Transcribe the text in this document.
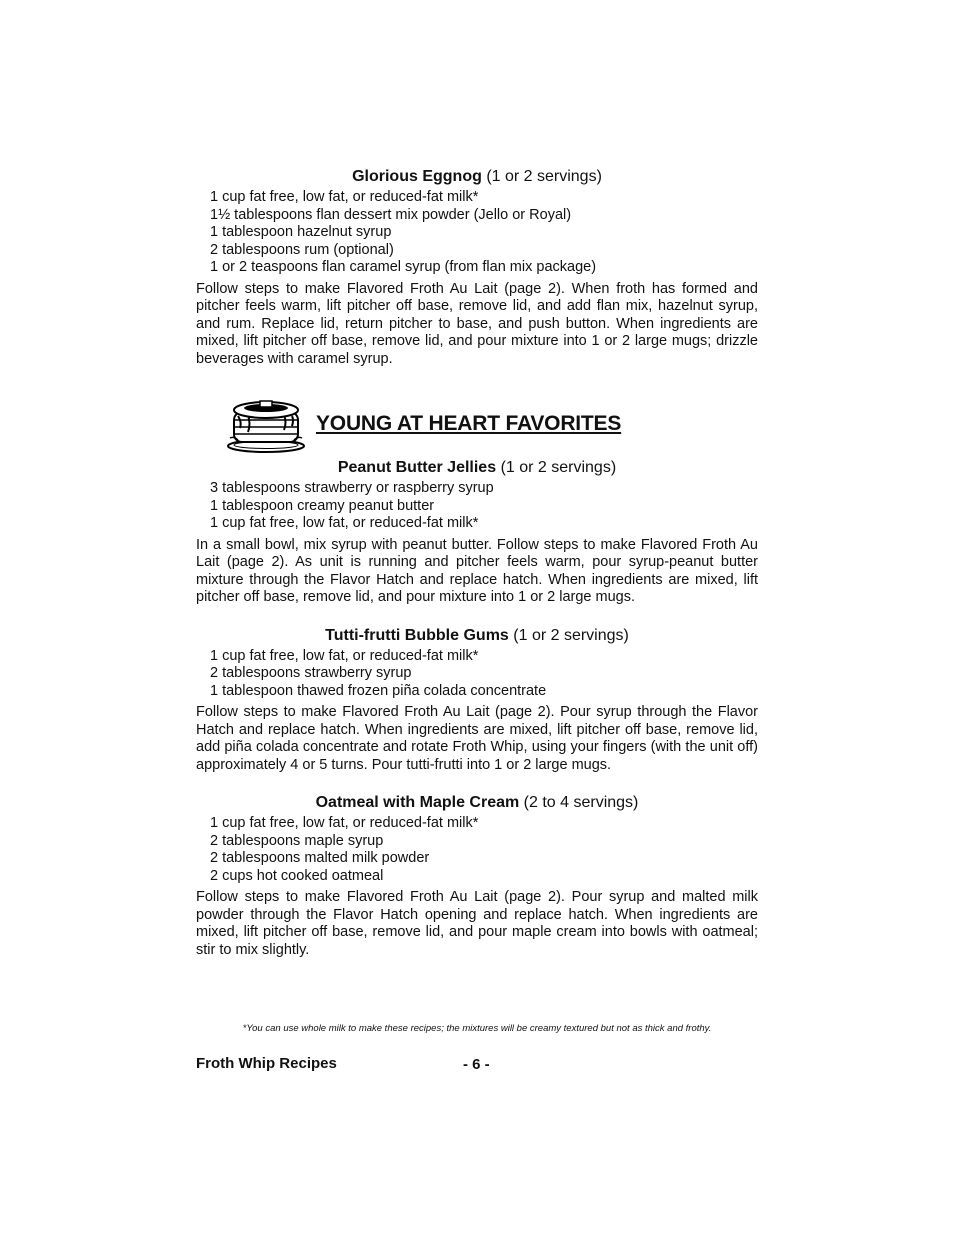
Glorious Eggnog (1 or 2 servings)

1 cup fat free, low fat, or reduced-fat milk*
1½ tablespoons flan dessert mix powder (Jello or Royal)
1 tablespoon hazelnut syrup
2 tablespoons rum (optional)
1 or 2 teaspoons flan caramel syrup (from flan mix package)

Follow steps to make Flavored Froth Au Lait (page 2). When froth has formed and pitcher feels warm, lift pitcher off base, remove lid, and add flan mix, hazelnut syrup, and rum. Replace lid, return pitcher to base, and push button. When ingredients are mixed, lift pitcher off base, remove lid, and pour mixture into 1 or 2 large mugs; drizzle beverages with caramel syrup.

YOUNG AT HEART FAVORITES

Peanut Butter Jellies (1 or 2 servings)

3 tablespoons strawberry or raspberry syrup
1 tablespoon creamy peanut butter
1 cup fat free, low fat, or reduced-fat milk*

In a small bowl, mix syrup with peanut butter. Follow steps to make Flavored Froth Au Lait (page 2). As unit is running and pitcher feels warm, pour syrup-peanut butter mixture through the Flavor Hatch and replace hatch. When ingredients are mixed, lift pitcher off base, remove lid, and pour mixture into 1 or 2 large mugs.

Tutti-frutti Bubble Gums (1 or 2 servings)

1 cup fat free, low fat, or reduced-fat milk*
2 tablespoons strawberry syrup
1 tablespoon thawed frozen piña colada concentrate

Follow steps to make Flavored Froth Au Lait (page 2). Pour syrup through the Flavor Hatch and replace hatch. When ingredients are mixed, lift pitcher off base, remove lid, add piña colada concentrate and rotate Froth Whip, using your fingers (with the unit off) approximately 4 or 5 turns. Pour tutti-frutti into 1 or 2 large mugs.

Oatmeal with Maple Cream (2 to 4 servings)

1 cup fat free, low fat, or reduced-fat milk*
2 tablespoons maple syrup
2 tablespoons malted milk powder
2 cups hot cooked oatmeal

Follow steps to make Flavored Froth Au Lait (page 2). Pour syrup and malted milk powder through the Flavor Hatch opening and replace hatch. When ingredients are mixed, lift pitcher off base, remove lid, and pour maple cream into bowls with oatmeal; stir to mix slightly.

*You can use whole milk to make these recipes; the mixtures will be creamy textured but not as thick and frothy.
Froth Whip Recipes	- 6 -
